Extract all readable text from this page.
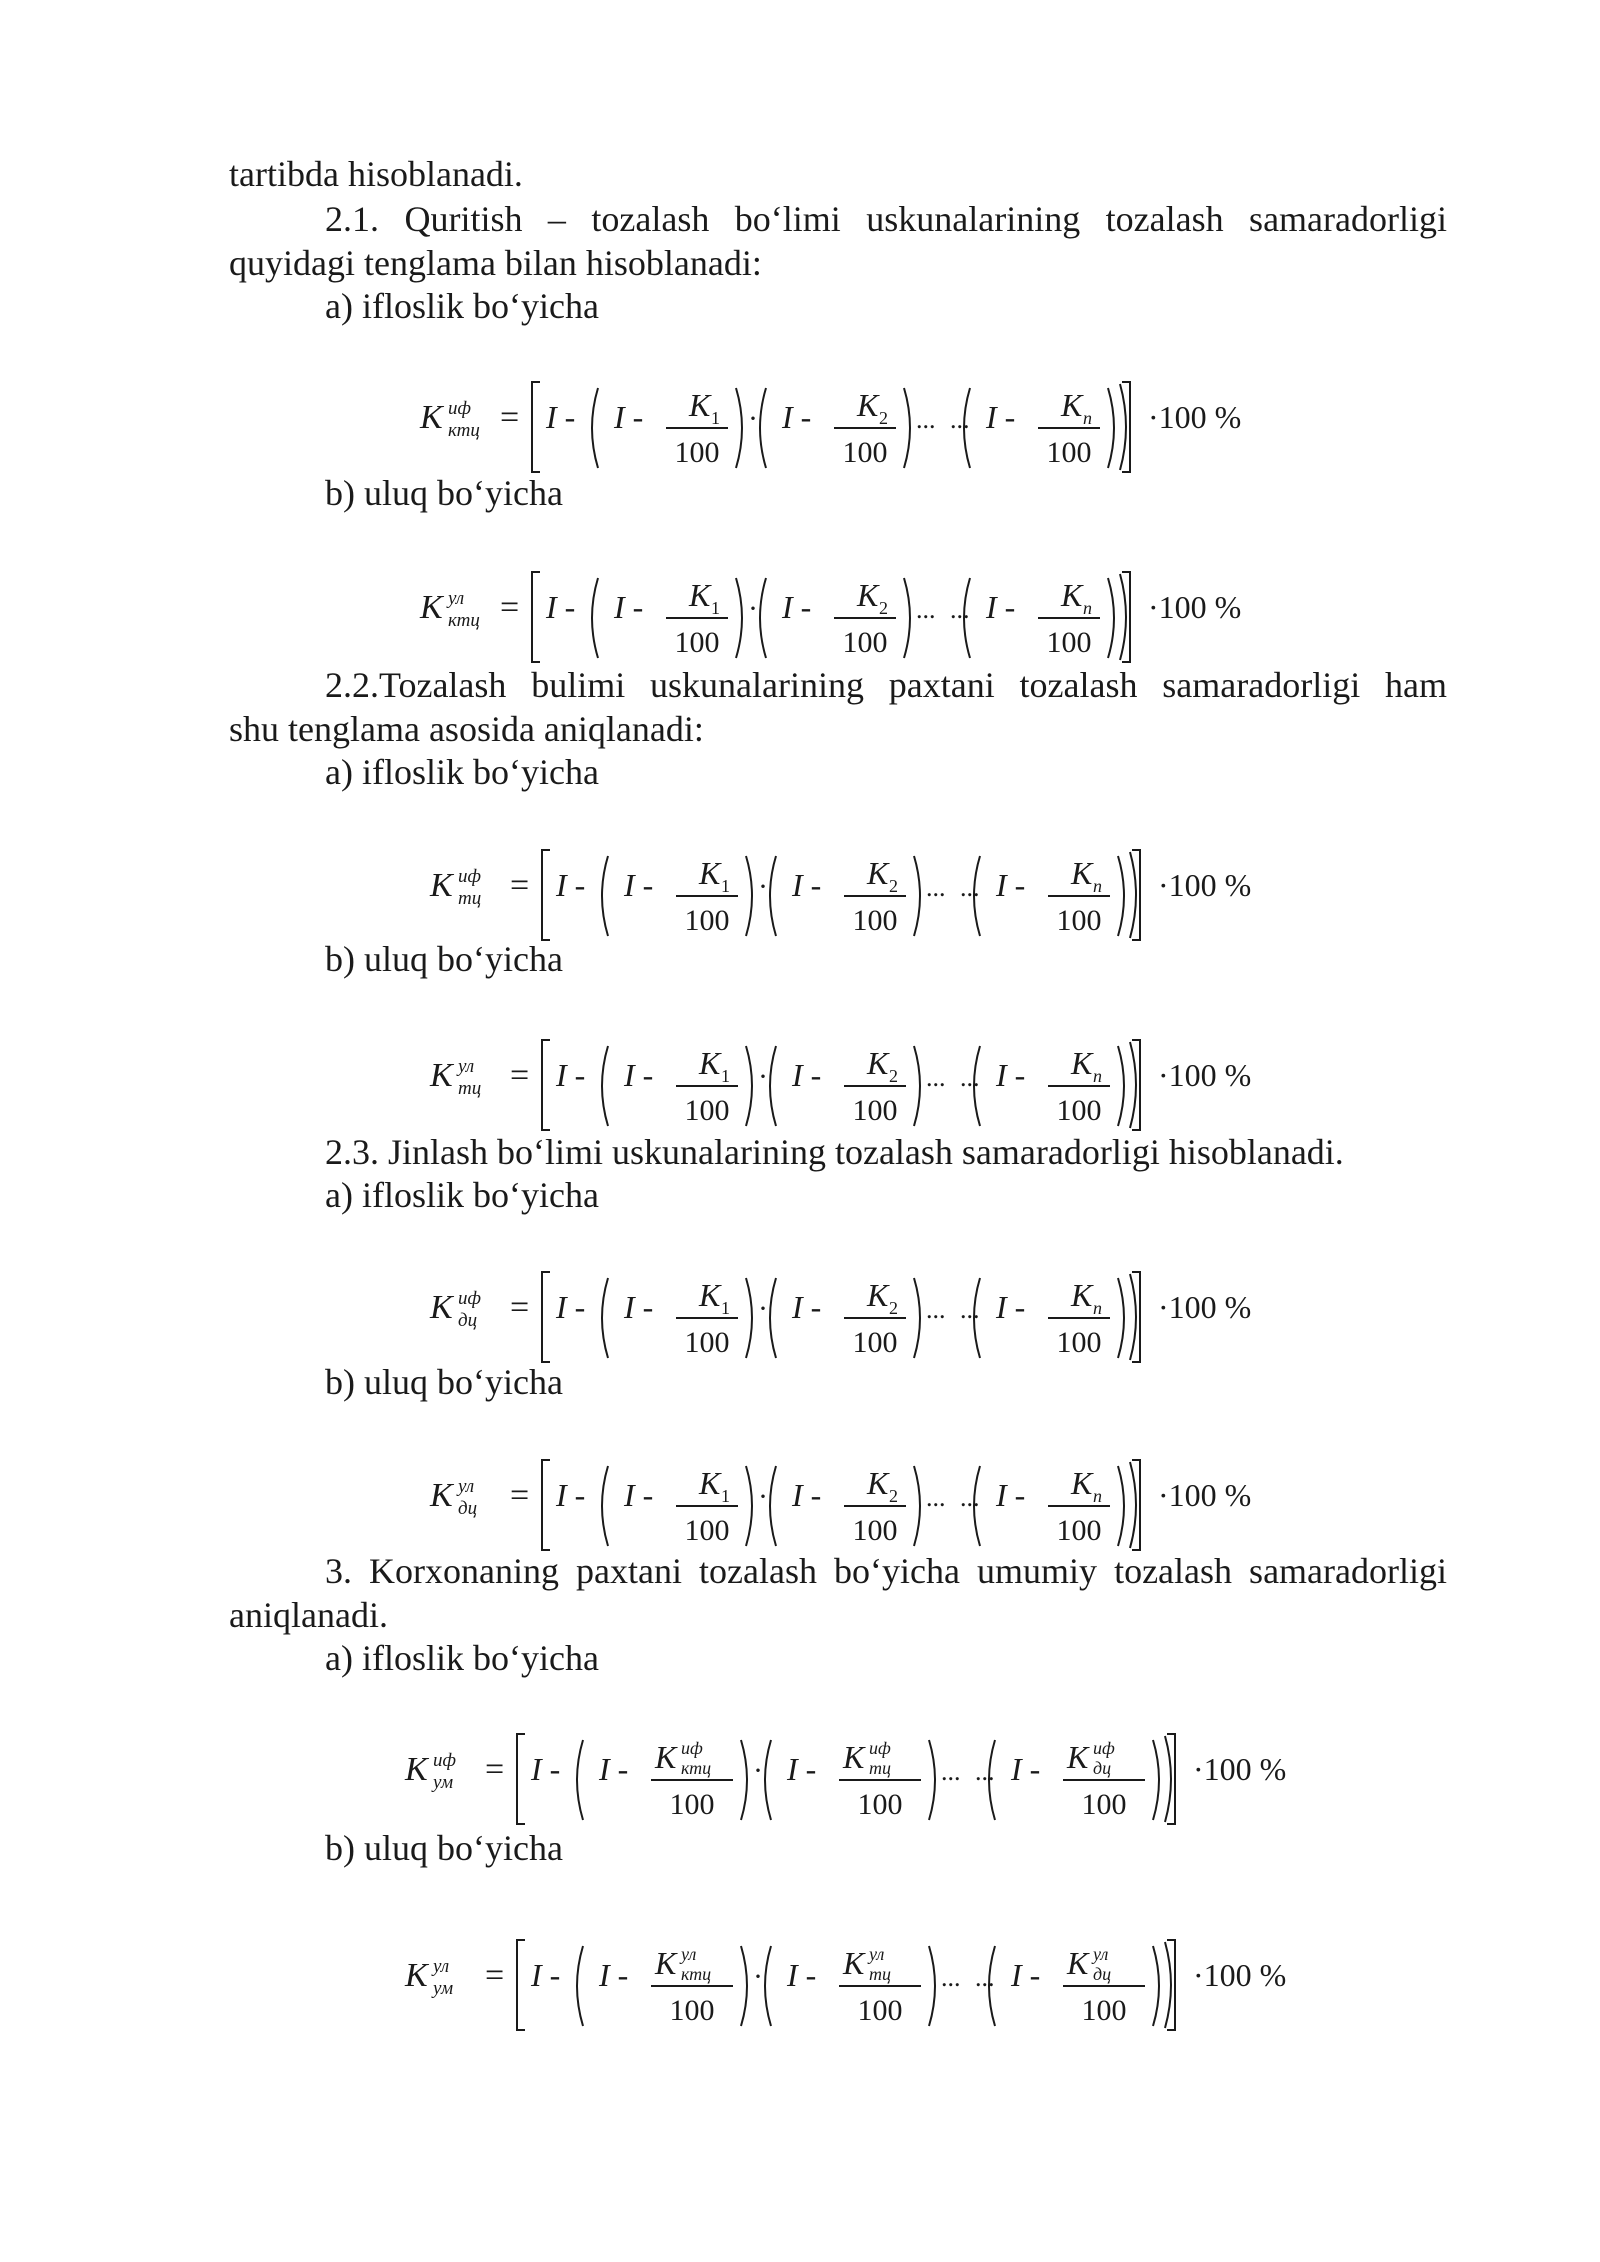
tartibda hisoblanadi.
2.1. Quritish – tozalash bo‘limi uskunalarining tozalash samaradorligi
quyidagi tenglama bilan hisoblanadi:
a) ifloslik bo‘yicha
K иф
ктц = I - I - K 1
100
· I - K 2
100
... ... I - K n
100
·100 %
b) uluq bo‘yicha
K ул
ктц = I - I - K 1
100
· I - K 2
100
... ... I - K n
100
·100 %
2.2.Tozalash bulimi uskunalarining paxtani tozalash samaradorligi ham
shu tenglama asosida aniqlanadi:
a) ifloslik bo‘yicha
K иф
тц = I - I - K 1
100
· I - K 2
100
... ... I - K n
100
·100 %
b) uluq bo‘yicha
K ул
тц = I - I - K 1
100
· I - K 2
100
... ... I - K n
100
·100 %
2.3. Jinlash bo‘limi uskunalarining tozalash samaradorligi hisoblanadi.
a) ifloslik bo‘yicha
K иф
дц = I - I - K 1
100
· I - K 2
100
... ... I - K n
100
·100 %
b) uluq bo‘yicha
K ул
дц = I - I - K 1
100
· I - K 2
100
... ... I - K n
100
·100 %
3. Korxonaning paxtani tozalash bo‘yicha umumiy tozalash samaradorligi
aniqlanadi.
a) ifloslik bo‘yicha
K иф
ум = I - I - K иф
ктц
100
· I - K иф
тц
100
... ... I - K иф
дц
100
·100 %
b) uluq bo‘yicha
K ул
ум = I - I - K ул
ктц
100
· I - K ул
тц
100
... ... I - K ул
дц
100
·100 %
